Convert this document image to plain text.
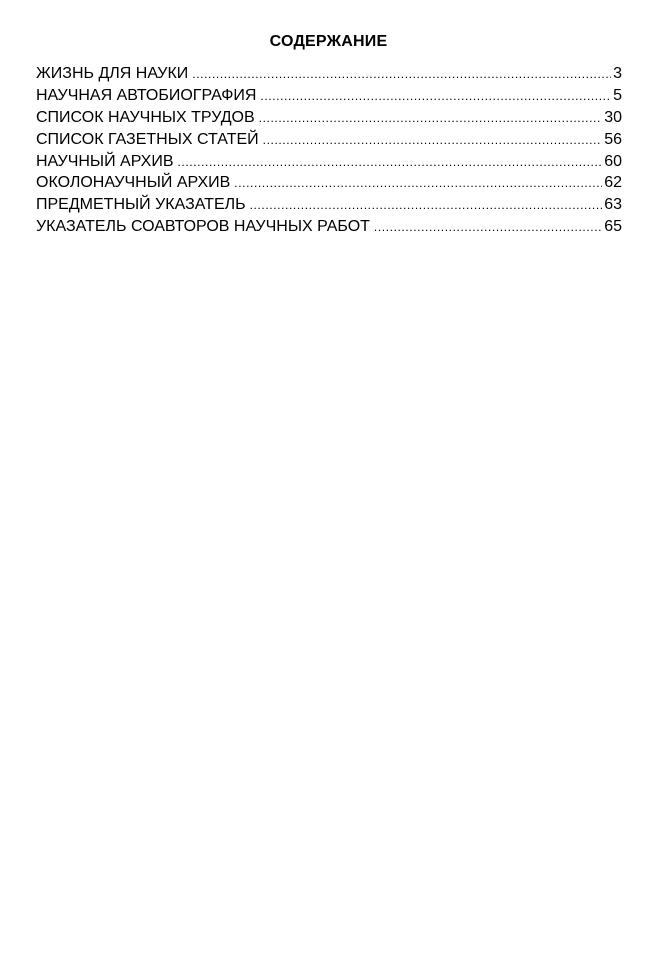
СОДЕРЖАНИЕ
ЖИЗНЬ ДЛЯ НАУКИ .....	3
НАУЧНАЯ АВТОБИОГРАФИЯ .....	5
СПИСОК НАУЧНЫХ ТРУДОВ .....	30
СПИСОК ГАЗЕТНЫХ СТАТЕЙ .....	56
НАУЧНЫЙ АРХИВ .....	60
ОКОЛОНАУЧНЫЙ АРХИВ .....	62
ПРЕДМЕТНЫЙ УКАЗАТЕЛЬ .....	63
УКАЗАТЕЛЬ СОАВТОРОВ НАУЧНЫХ РАБОТ .....	65
